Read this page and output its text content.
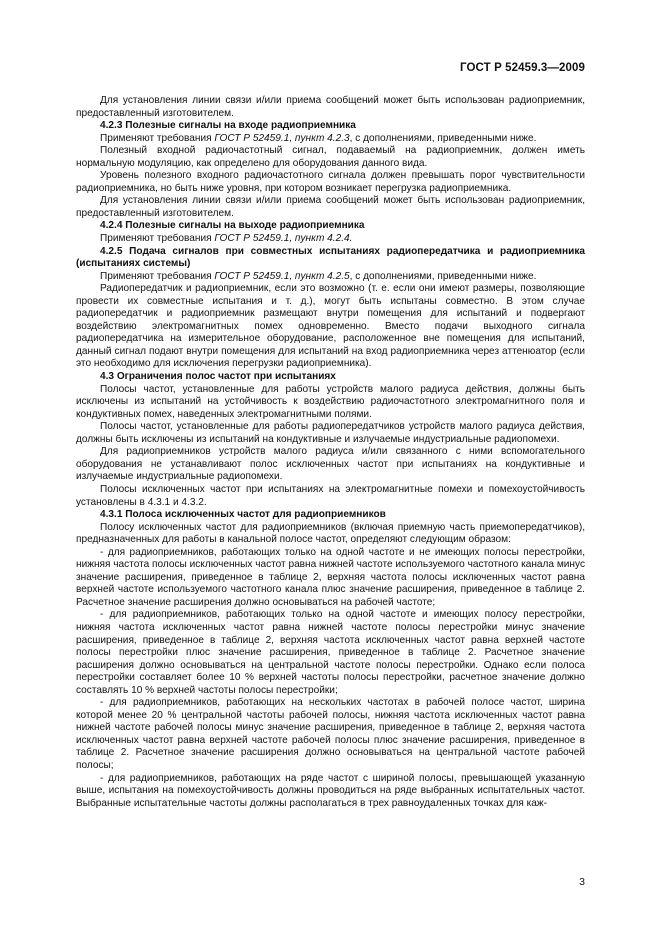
ГОСТ Р 52459.3—2009

Для установления линии связи и/или приема сообщений может быть использован радиоприемник, предоставленный изготовителем.

4.2.3 Полезные сигналы на входе радиоприемника

Применяют требования ГОСТ Р 52459.1, пункт 4.2.3, с дополнениями, приведенными ниже.

Полезный входной радиочастотный сигнал, подаваемый на радиоприемник, должен иметь нормальную модуляцию, как определено для оборудования данного вида.

Уровень полезного входного радиочастотного сигнала должен превышать порог чувствительности радиоприемника, но быть ниже уровня, при котором возникает перегрузка радиоприемника.

Для установления линии связи и/или приема сообщений может быть использован радиоприемник, предоставленный изготовителем.

4.2.4 Полезные сигналы на выходе радиоприемника

Применяют требования ГОСТ Р 52459.1, пункт 4.2.4.

4.2.5 Подача сигналов при совместных испытаниях радиопередатчика и радиоприемника (испытаниях системы)

Применяют требования ГОСТ Р 52459.1, пункт 4.2.5, с дополнениями, приведенными ниже.

Радиопередатчик и радиоприемник, если это возможно (т. е. если они имеют размеры, позволяющие провести их совместные испытания и т. д.), могут быть испытаны совместно. В этом случае радиопередатчик и радиоприемник размещают внутри помещения для испытаний и подвергают воздействию электромагнитных помех одновременно. Вместо подачи выходного сигнала радиопередатчика на измерительное оборудование, расположенное вне помещения для испытаний, данный сигнал подают внутри помещения для испытаний на вход радиоприемника через аттенюатор (если это необходимо для исключения перегрузки радиоприемника).

4.3 Ограничения полос частот при испытаниях

Полосы частот, установленные для работы устройств малого радиуса действия, должны быть исключены из испытаний на устойчивость к воздействию радиочастотного электромагнитного поля и кондуктивных помех, наведенных электромагнитными полями.

Полосы частот, установленные для работы радиопередатчиков устройств малого радиуса действия, должны быть исключены из испытаний на кондуктивные и излучаемые индустриальные радиопомехи.

Для радиоприемников устройств малого радиуса и/или связанного с ними вспомогательного оборудования не устанавливают полос исключенных частот при испытаниях на кондуктивные и излучаемые индустриальные радиопомехи.

Полосы исключенных частот при испытаниях на электромагнитные помехи и помехоустойчивость установлены в 4.3.1 и 4.3.2.

4.3.1 Полоса исключенных частот для радиоприемников

Полосу исключенных частот для радиоприемников (включая приемную часть приемопередатчиков), предназначенных для работы в канальной полосе частот, определяют следующим образом:

- для радиоприемников, работающих только на одной частоте и не имеющих полосы перестройки, нижняя частота полосы исключенных частот равна нижней частоте используемого частотного канала минус значение расширения, приведенное в таблице 2, верхняя частота полосы исключенных частот равна верхней частоте используемого частотного канала плюс значение расширения, приведенное в таблице 2. Расчетное значение расширения должно основываться на рабочей частоте;

- для радиоприемников, работающих только на одной частоте и имеющих полосу перестройки, нижняя частота исключенных частот равна нижней частоте полосы перестройки минус значение расширения, приведенное в таблице 2, верхняя частота исключенных частот равна верхней частоте полосы перестройки плюс значение расширения, приведенное в таблице 2. Расчетное значение расширения должно основываться на центральной частоте полосы перестройки. Однако если полоса перестройки составляет более 10 % верхней частоты полосы перестройки, расчетное значение должно составлять 10 % верхней частоты полосы перестройки;

- для радиоприемников, работающих на нескольких частотах в рабочей полосе частот, ширина которой менее 20 % центральной частоты рабочей полосы, нижняя частота исключенных частот равна нижней частоте рабочей полосы минус значение расширения, приведенное в таблице 2, верхняя частота исключенных частот равна верхней частоте рабочей полосы плюс значение расширения, приведенное в таблице 2. Расчетное значение расширения должно основываться на центральной частоте рабочей полосы;

- для радиоприемников, работающих на ряде частот с шириной полосы, превышающей указанную выше, испытания на помехоустойчивость должны проводиться на ряде выбранных испытательных частот. Выбранные испытательные частоты должны располагаться в трех равноудаленных точках для каж-

3
